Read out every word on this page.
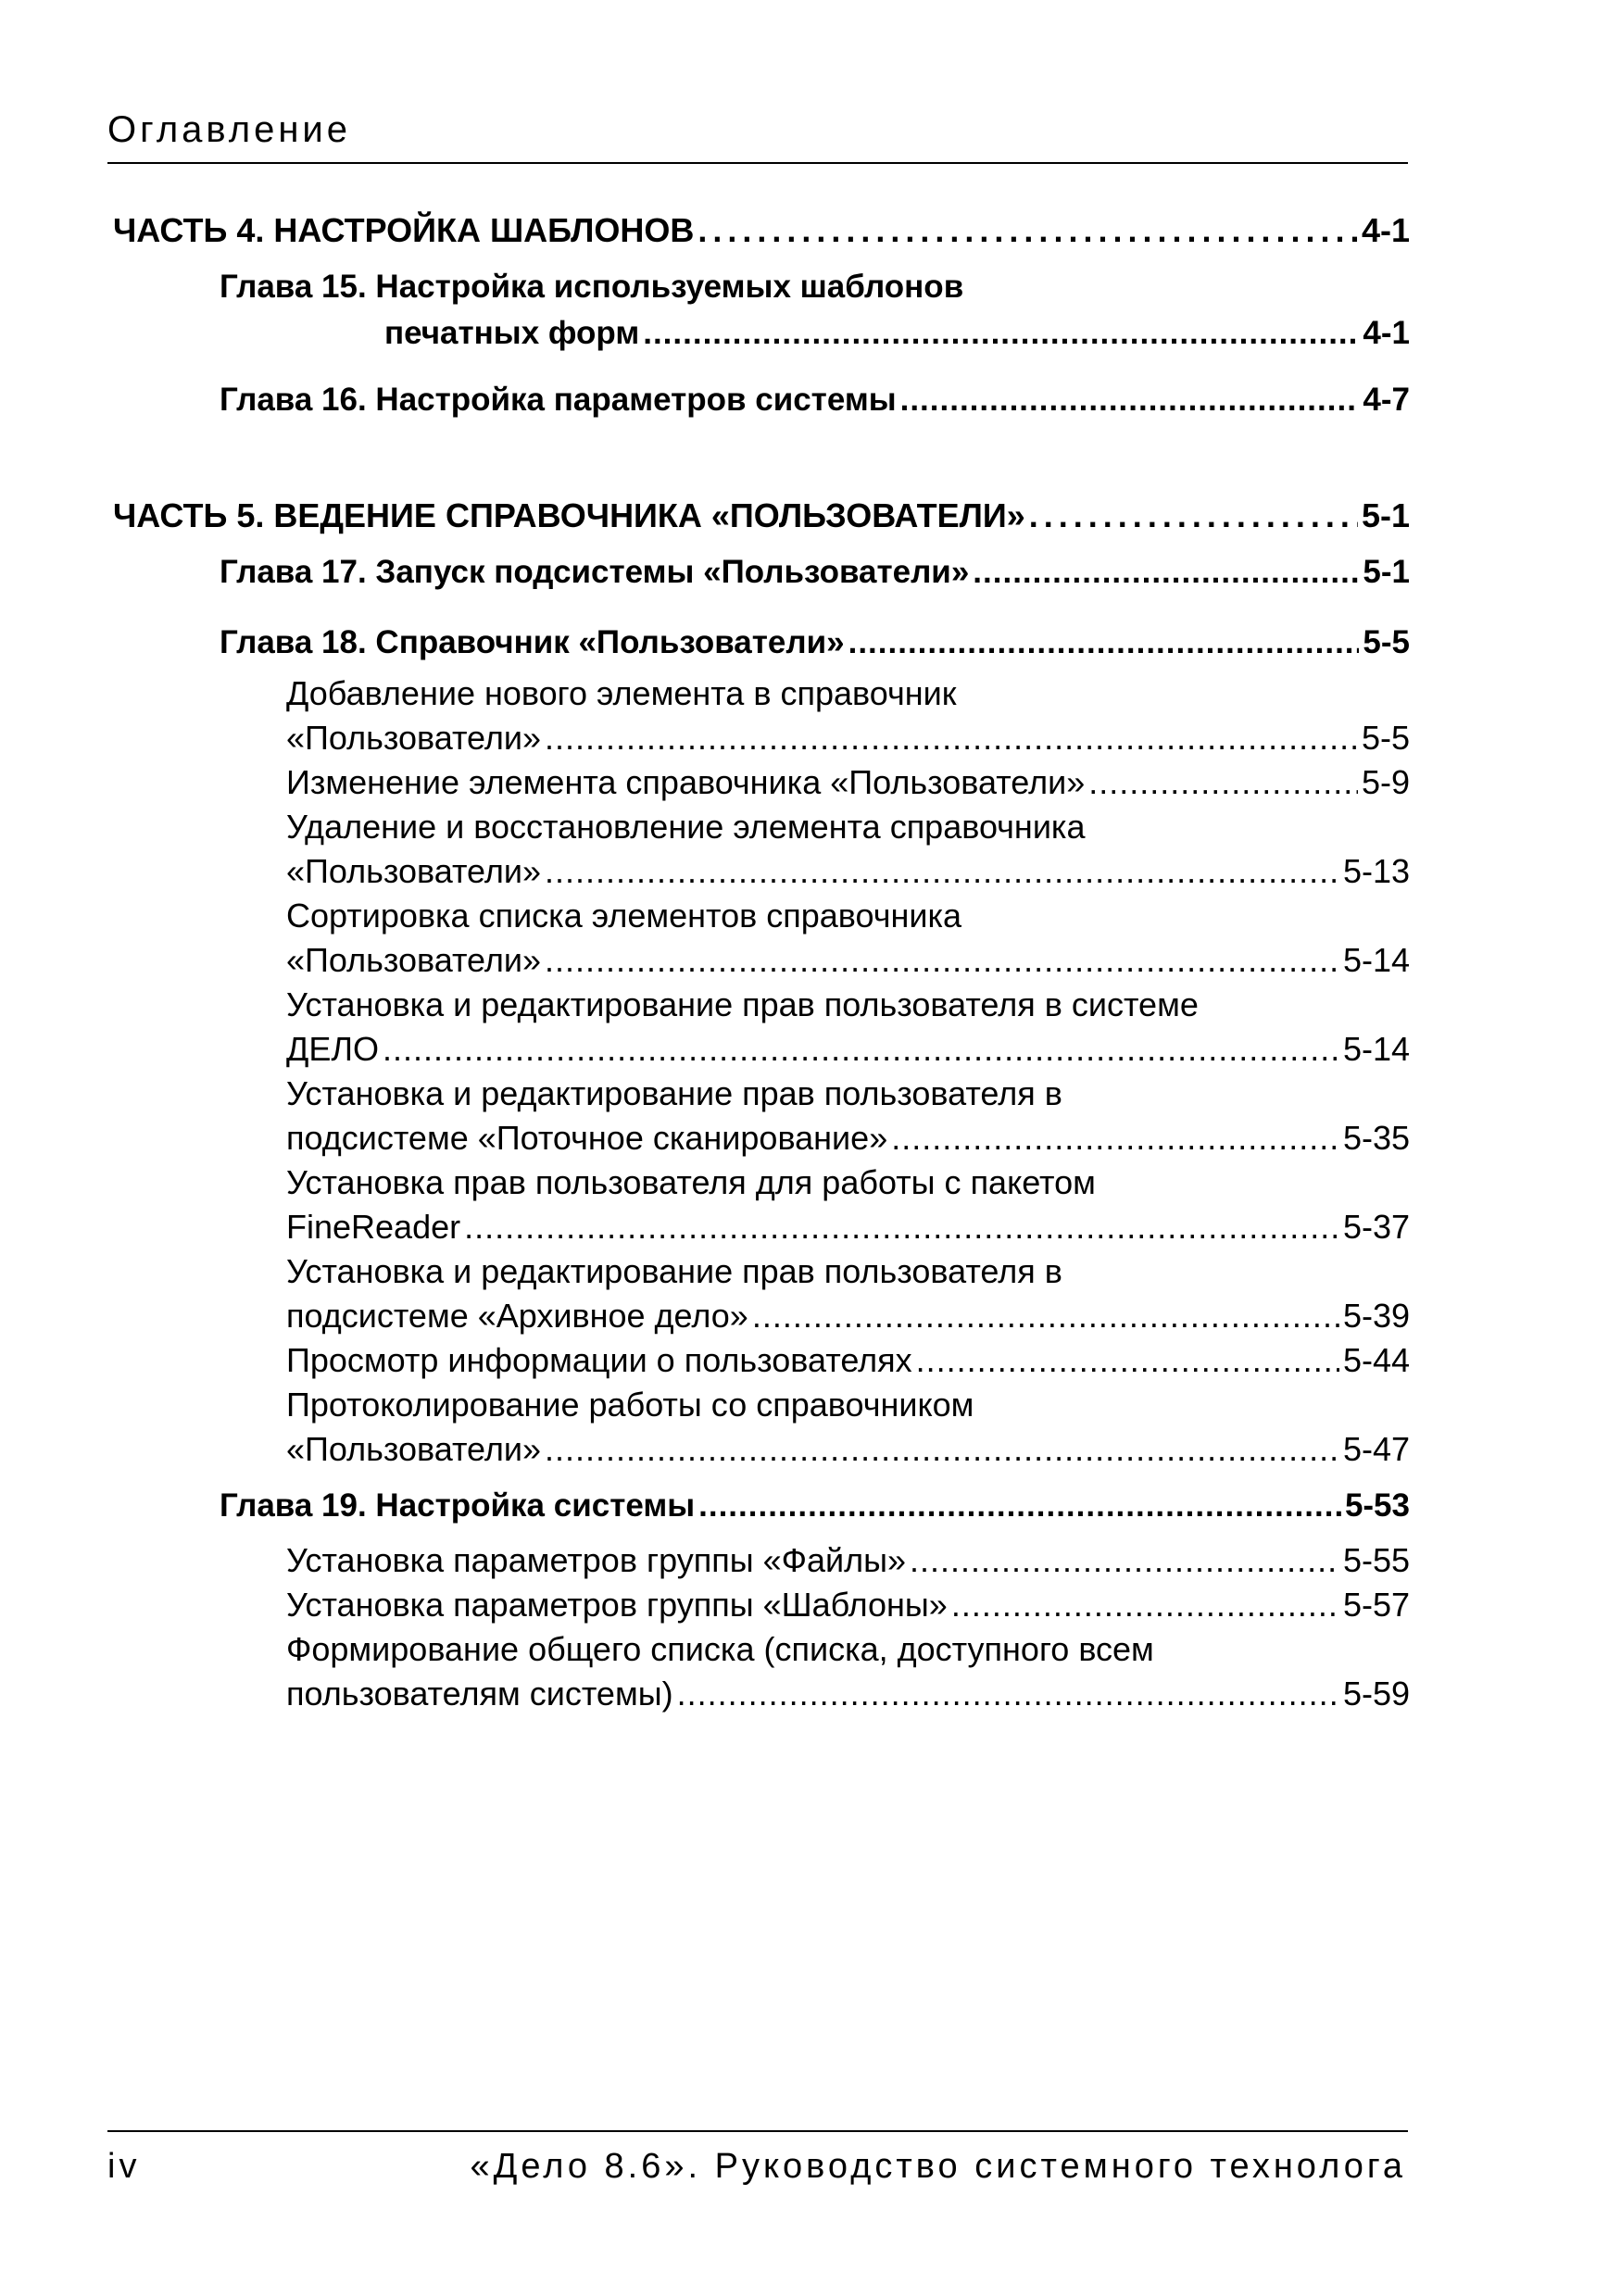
Оглавление
ЧАСТЬ 4. НАСТРОЙКА ШАБЛОНОВ .....	4-1
Глава 15. Настройка используемых шаблонов
печатных форм .....	4-1
Глава 16. Настройка параметров системы .....	4-7
ЧАСТЬ 5. ВЕДЕНИЕ СПРАВОЧНИКА «ПОЛЬЗОВАТЕЛИ» .....	5-1
Глава 17. Запуск подсистемы «Пользователи» .....	5-1
Глава 18. Справочник «Пользователи» .....	5-5
Добавление нового элемента в справочник
«Пользователи» .....	5-5
Изменение элемента справочника «Пользователи» .....	5-9
Удаление и восстановление элемента справочника
«Пользователи» .....	5-13
Сортировка списка элементов справочника
«Пользователи» .....	5-14
Установка и редактирование прав пользователя в системе
ДЕЛО .....	5-14
Установка и редактирование прав пользователя в
подсистеме «Поточное сканирование» .....	5-35
Установка прав пользователя для работы с пакетом
FineReader .....	5-37
Установка и редактирование прав пользователя в
подсистеме «Архивное дело» .....	5-39
Просмотр информации о пользователях .....	5-44
Протоколирование работы со справочником
«Пользователи» .....	5-47
Глава 19. Настройка системы .....	5-53
Установка параметров группы «Файлы» .....	5-55
Установка параметров группы «Шаблоны» .....	5-57
Формирование общего списка (списка, доступного всем
пользователям системы) .....	5-59
iv	«Дело 8.6». Руководство системного технолога
